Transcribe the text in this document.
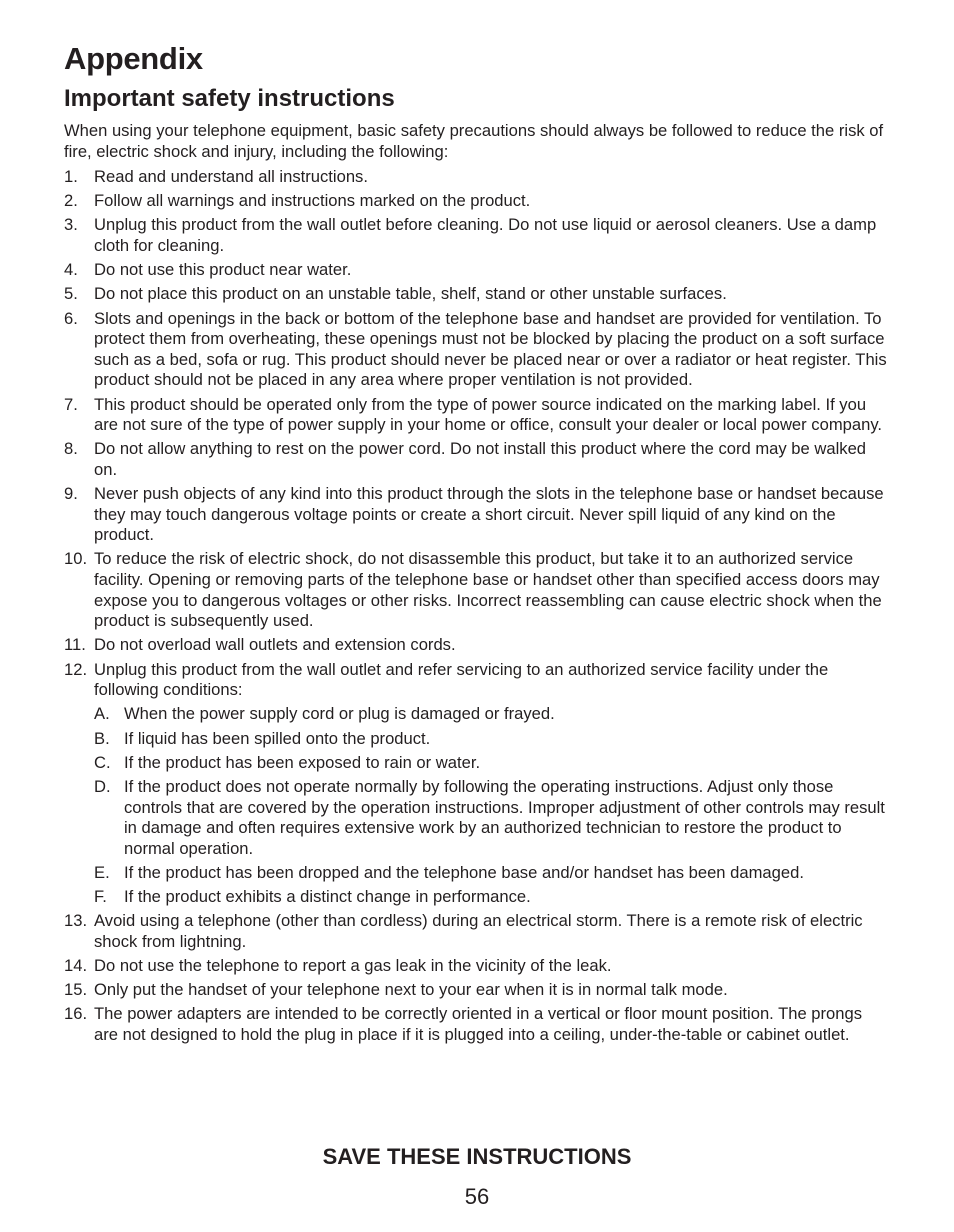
Appendix
Important safety instructions

When using your telephone equipment, basic safety precautions should always be followed to reduce the risk of fire, electric shock and injury, including the following:

1. Read and understand all instructions.
2. Follow all warnings and instructions marked on the product.
3. Unplug this product from the wall outlet before cleaning. Do not use liquid or aerosol cleaners. Use a damp cloth for cleaning.
4. Do not use this product near water.
5. Do not place this product on an unstable table, shelf, stand or other unstable surfaces.
6. Slots and openings in the back or bottom of the telephone base and handset are provided for ventilation. To protect them from overheating, these openings must not be blocked by placing the product on a soft surface such as a bed, sofa or rug. This product should never be placed near or over a radiator or heat register. This product should not be placed in any area where proper ventilation is not provided.
7. This product should be operated only from the type of power source indicated on the marking label. If you are not sure of the type of power supply in your home or office, consult your dealer or local power company.
8. Do not allow anything to rest on the power cord. Do not install this product where the cord may be walked on.
9. Never push objects of any kind into this product through the slots in the telephone base or handset because they may touch dangerous voltage points or create a short circuit. Never spill liquid of any kind on the product.
10. To reduce the risk of electric shock, do not disassemble this product, but take it to an authorized service facility. Opening or removing parts of the telephone base or handset other than specified access doors may expose you to dangerous voltages or other risks. Incorrect reassembling can cause electric shock when the product is subsequently used.
11. Do not overload wall outlets and extension cords.
12. Unplug this product from the wall outlet and refer servicing to an authorized service facility under the following conditions:
A. When the power supply cord or plug is damaged or frayed.
B. If liquid has been spilled onto the product.
C. If the product has been exposed to rain or water.
D. If the product does not operate normally by following the operating instructions. Adjust only those controls that are covered by the operation instructions. Improper adjustment of other controls may result in damage and often requires extensive work by an authorized technician to restore the product to normal operation.
E. If the product has been dropped and the telephone base and/or handset has been damaged.
F. If the product exhibits a distinct change in performance.
13. Avoid using a telephone (other than cordless) during an electrical storm. There is a remote risk of electric shock from lightning.
14. Do not use the telephone to report a gas leak in the vicinity of the leak.
15. Only put the handset of your telephone next to your ear when it is in normal talk mode.
16. The power adapters are intended to be correctly oriented in a vertical or floor mount position. The prongs are not designed to hold the plug in place if it is plugged into a ceiling, under-the-table or cabinet outlet.
SAVE THESE INSTRUCTIONS
56
